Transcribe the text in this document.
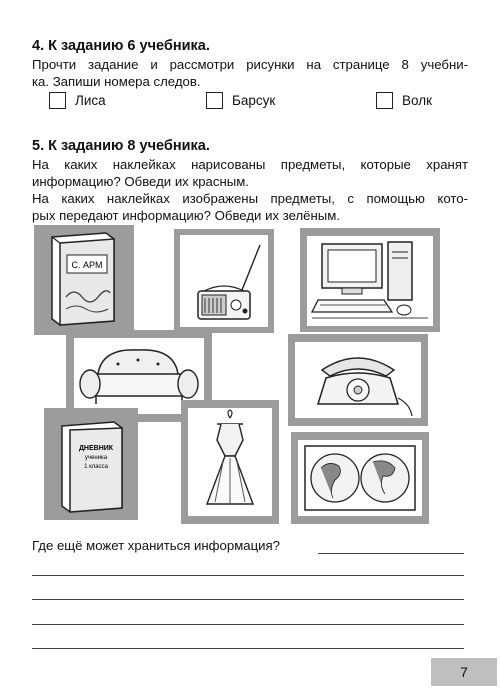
4. К заданию 6 учебника.
Прочти задание и рассмотри рисунки на странице 8 учебни-
ка. Запиши номера следов.
Лиса	Барсук	Волк
5. К заданию 8 учебника.
На каких наклейках нарисованы предметы, которые хранят
информацию? Обведи их красным.
На каких наклейках изображены предметы, с помощью кото-
рых передают информацию? Обведи их зелёным.
С. АРМ
ДНЕВНИК
ученика
1 класса
Где ещё может храниться информация?
7
